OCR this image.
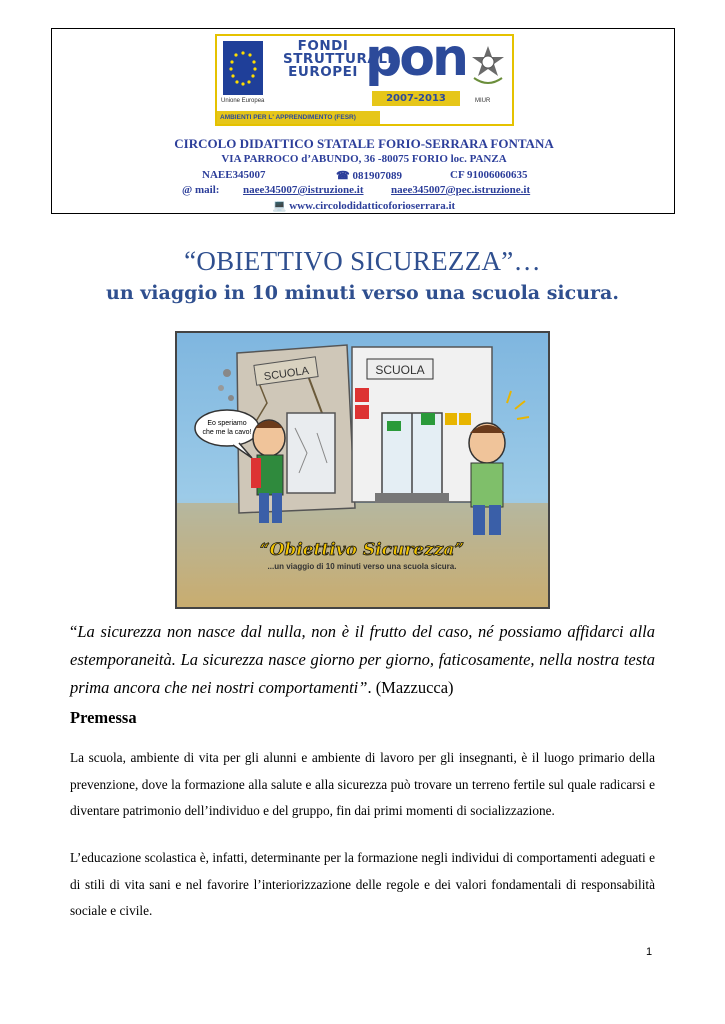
Unione Europea
FONDI
STRUTTURALI
EUROPEI pon
2007-2013	MIUR
AMBIENTI PER L' APPRENDIMENTO (FESR)
CIRCOLO DIDATTICO STATALE FORIO-SERRARA FONTANA
VIA PARROCO d’ABUNDO, 36 -80075 FORIO loc. PANZA
NAEE345007	☎ 081907089	CF 91006060635
@ mail: naee345007@istruzione.it naee345007@pec.istruzione.it
💻 www.circolodidatticoforioserrara.it
“OBIETTIVO SICUREZZA”…
un viaggio in 10 minuti verso una scuola sicura.
Eo speriamo
che me la cavo!
SCUOLA	SCUOLA
“Obiettivo Sicurezza”
...un viaggio di 10 minuti verso una scuola sicura.
“La sicurezza non nasce dal nulla, non è il frutto del caso, né possiamo affidarci alla estemporaneità. La sicurezza nasce giorno per giorno, faticosamente, nella nostra testa prima ancora che nei nostri comportamenti”. (Mazzucca)
Premessa
La scuola, ambiente di vita per gli alunni e ambiente di lavoro per gli insegnanti, è il luogo primario della prevenzione, dove la formazione alla salute e alla sicurezza può trovare un terreno fertile sul quale radicarsi e diventare patrimonio dell’individuo e del gruppo, fin dai primi momenti di socializzazione.
L’educazione scolastica è, infatti, determinante per la formazione negli individui di comportamenti adeguati e di stili di vita sani e nel favorire l’interiorizzazione delle regole e dei valori fondamentali di responsabilità sociale e civile.
1
